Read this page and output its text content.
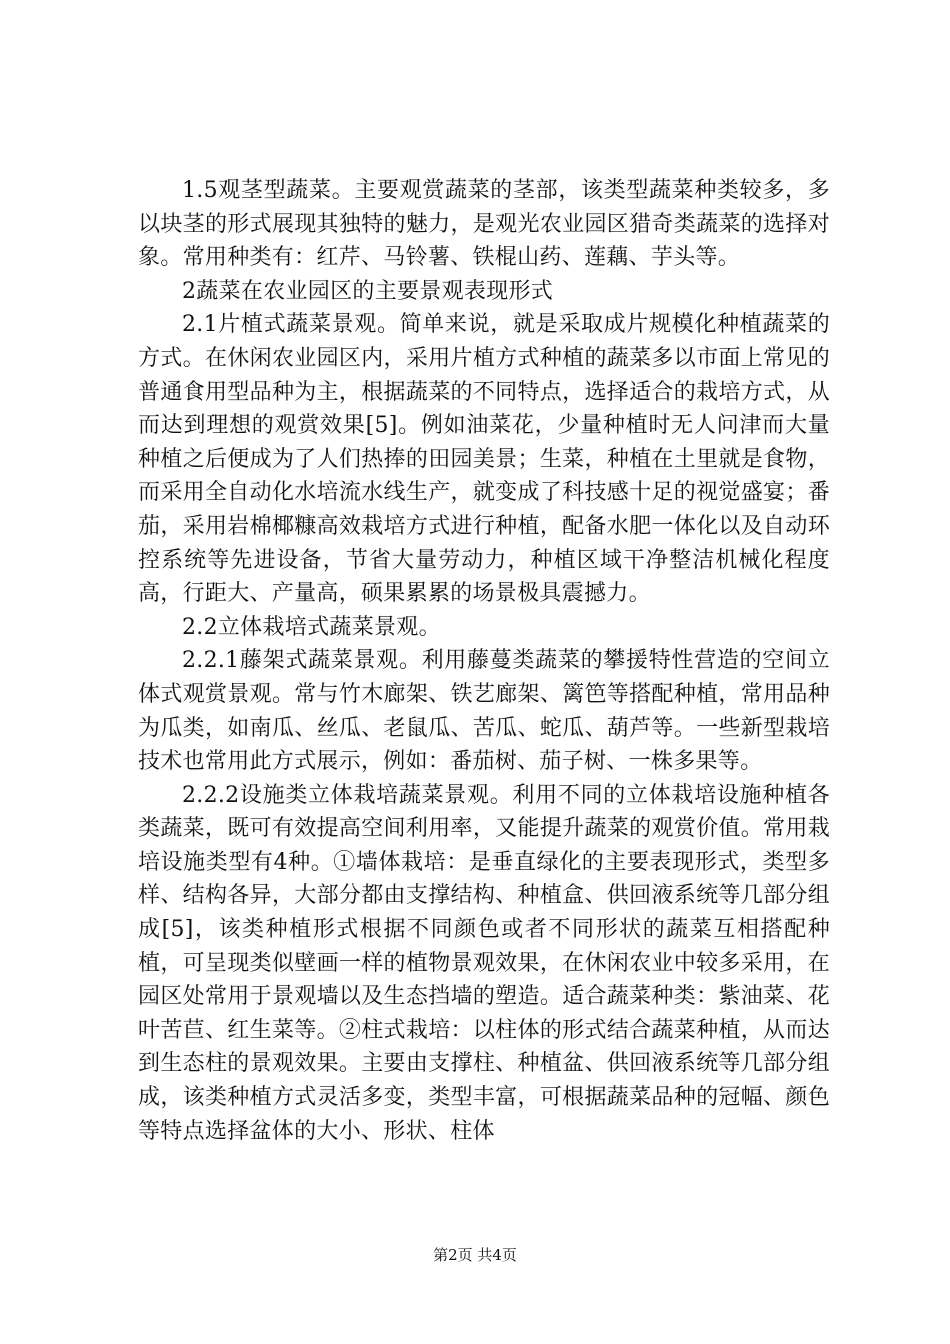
1.5观茎型蔬菜。主要观赏蔬菜的茎部，该类型蔬菜种类较多，多以块茎的形式展现其独特的魅力，是观光农业园区猎奇类蔬菜的选择对象。常用种类有：红芹、马铃薯、铁棍山药、莲藕、芋头等。

2蔬菜在农业园区的主要景观表现形式

2.1片植式蔬菜景观。简单来说，就是采取成片规模化种植蔬菜的方式。在休闲农业园区内，采用片植方式种植的蔬菜多以市面上常见的普通食用型品种为主，根据蔬菜的不同特点，选择适合的栽培方式，从而达到理想的观赏效果[5]。例如油菜花，少量种植时无人问津而大量种植之后便成为了人们热捧的田园美景；生菜，种植在土里就是食物，而采用全自动化水培流水线生产，就变成了科技感十足的视觉盛宴；番茄，采用岩棉椰糠高效栽培方式进行种植，配备水肥一体化以及自动环控系统等先进设备，节省大量劳动力，种植区域干净整洁机械化程度高，行距大、产量高，硕果累累的场景极具震撼力。

2.2立体栽培式蔬菜景观。

2.2.1藤架式蔬菜景观。利用藤蔓类蔬菜的攀援特性营造的空间立体式观赏景观。常与竹木廊架、铁艺廊架、篱笆等搭配种植，常用品种为瓜类，如南瓜、丝瓜、老鼠瓜、苦瓜、蛇瓜、葫芦等。一些新型栽培技术也常用此方式展示，例如：番茄树、茄子树、一株多果等。

2.2.2设施类立体栽培蔬菜景观。利用不同的立体栽培设施种植各类蔬菜，既可有效提高空间利用率，又能提升蔬菜的观赏价值。常用栽培设施类型有4种。①墙体栽培：是垂直绿化的主要表现形式，类型多样、结构各异，大部分都由支撑结构、种植盒、供回液系统等几部分组成[5]，该类种植形式根据不同颜色或者不同形状的蔬菜互相搭配种植，可呈现类似壁画一样的植物景观效果，在休闲农业中较多采用，在园区处常用于景观墙以及生态挡墙的塑造。适合蔬菜种类：紫油菜、花叶苦苣、红生菜等。②柱式栽培：以柱体的形式结合蔬菜种植，从而达到生态柱的景观效果。主要由支撑柱、种植盆、供回液系统等几部分组成，该类种植方式灵活多变，类型丰富，可根据蔬菜品种的冠幅、颜色等特点选择盆体的大小、形状、柱体

第2页 共4页
